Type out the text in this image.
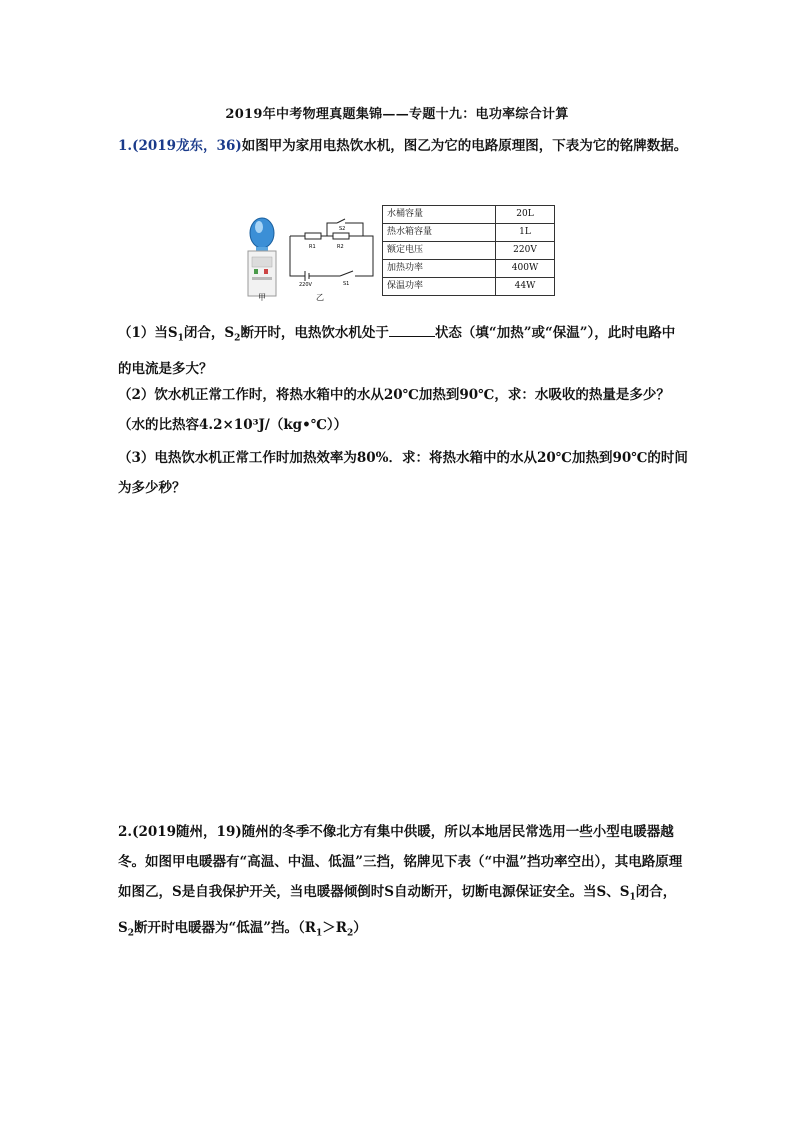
2019年中考物理真题集锦——专题十九：电功率综合计算

1.(2019龙东，36)如图甲为家用电热饮水机，图乙为它的电路原理图，下表为它的铭牌数据。

甲
R1	R2
S2
S1
220V
乙
水桶容量	20L
热水箱容量	1L
额定电压	220V
加热功率	400W
保温功率	44W

（1）当$S_1$闭合，$S_2$断开时，电热饮水机处于	状态（填“加热”或“保温”），此时电路中的电流是多大？

（2）饮水机正常工作时，将热水箱中的水从20℃加热到90℃，求：水吸收的热量是多少？
（水的比热容4.2×10³J/（kg•℃））

（3）电热饮水机正常工作时加热效率为80%．求：将热水箱中的水从20℃加热到90℃的时间为多少秒？

2.(2019随州，19)随州的冬季不像北方有集中供暖，所以本地居民常选用一些小型电暖器越冬。如图甲电暖器有“高温、中温、低温”三挡，铭牌见下表（“中温”挡功率空出），其电路原理如图乙，S是自我保护开关，当电暖器倾倒时S自动断开，切断电源保证安全。当S、$S_1$闭合，$S_2$断开时电暖器为“低温”挡。$(R_1>R_2)$
